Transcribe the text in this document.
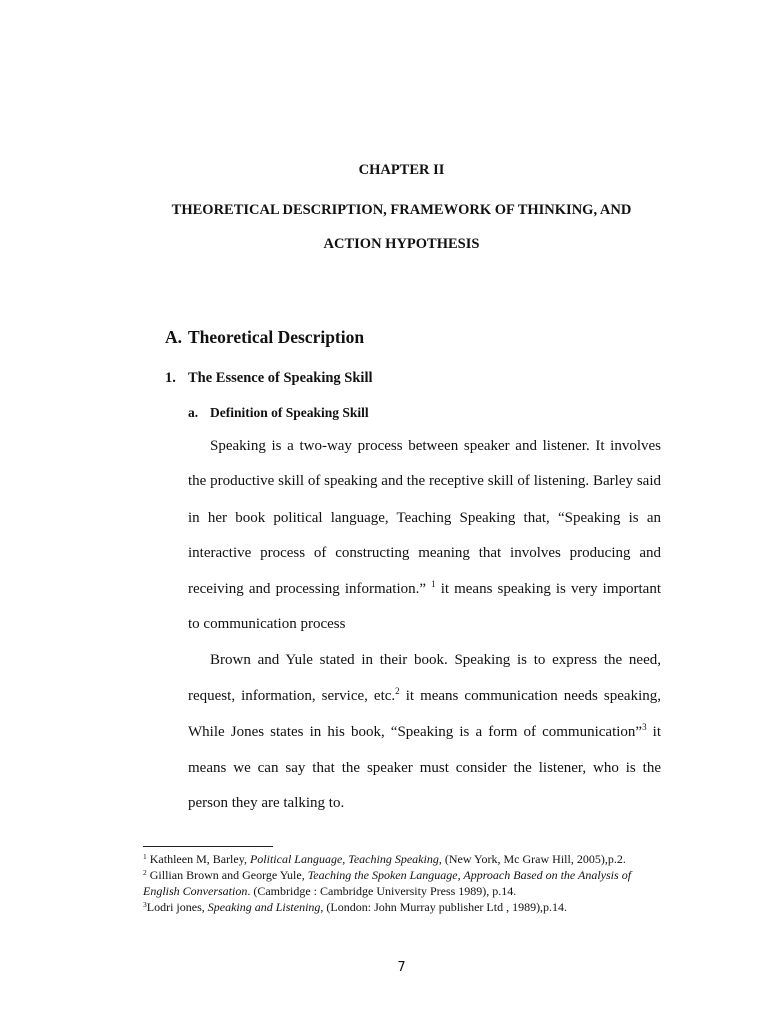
CHAPTER II
THEORETICAL DESCRIPTION, FRAMEWORK OF THINKING, AND
ACTION HYPOTHESIS
A. Theoretical Description
1. The Essence of Speaking Skill
a. Definition of Speaking Skill
Speaking is a two-way process between speaker and listener. It involves
the productive skill of speaking and the receptive skill of listening. Barley said
in her book political language, Teaching Speaking that, “Speaking is an
interactive process of constructing meaning that involves producing and
receiving and processing information.” $^1$ it means speaking is very important
to communication process
Brown and Yule stated in their book. Speaking is to express the need,
request, information, service, etc.$^2$ it means communication needs speaking,
While Jones states in his book, “Speaking is a form of communication”$^3$ it
means we can say that the speaker must consider the listener, who is the
person they are talking to.
$^1$ Kathleen M, Barley, Political Language, Teaching Speaking, (New York, Mc Graw Hill, 2005),p.2.
$^2$ Gillian Brown and George Yule, Teaching the Spoken Language, Approach Based on the Analysis of
English Conversation. (Cambridge : Cambridge University Press 1989), p.14.
$^3$Lodri jones, Speaking and Listening, (London: John Murray publisher Ltd , 1989),p.14.
7
